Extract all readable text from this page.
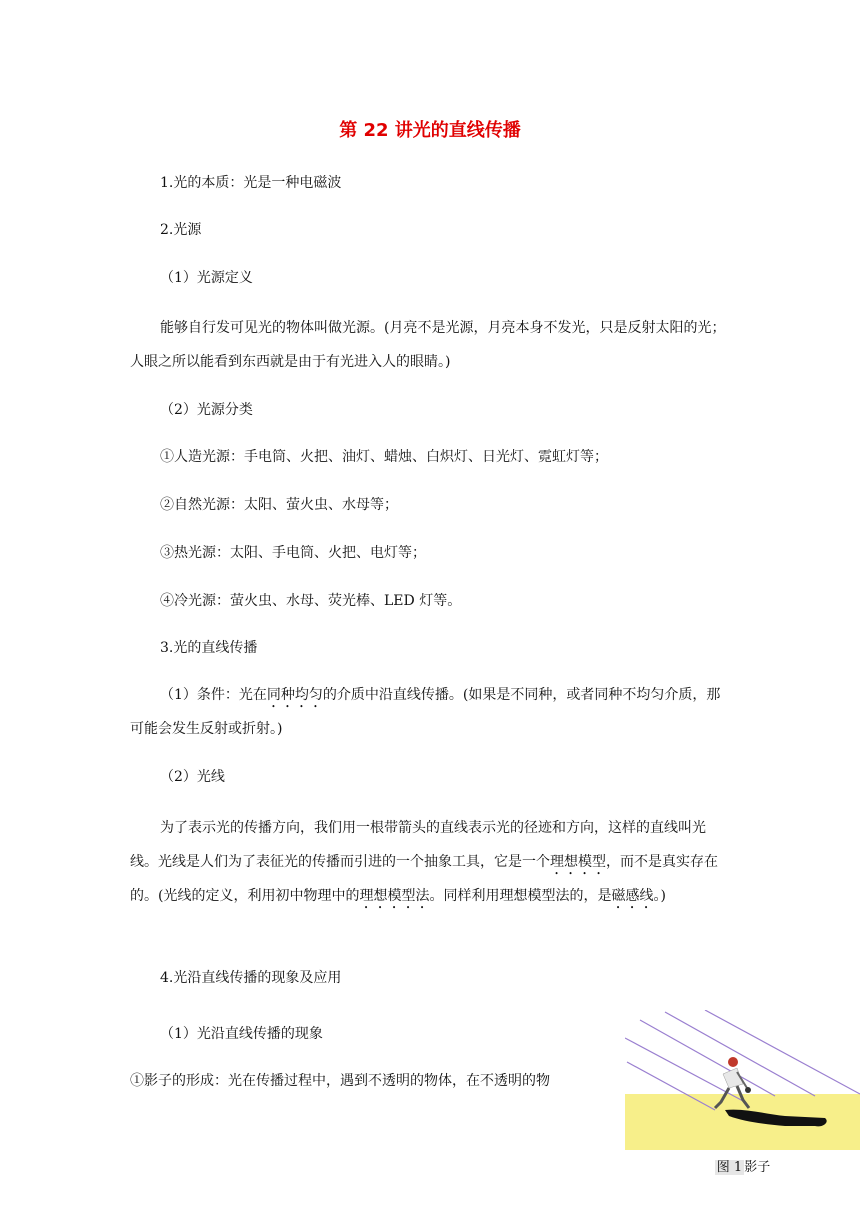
第 22 讲光的直线传播
1.光的本质：光是一种电磁波
2.光源
（1）光源定义
能够自行发可见光的物体叫做光源。(月亮不是光源，月亮本身不发光，只是反射太阳的光；人眼之所以能看到东西就是由于有光进入人的眼睛。)
（2）光源分类
①人造光源：手电筒、火把、油灯、蜡烛、白炽灯、日光灯、霓虹灯等；
②自然光源：太阳、萤火虫、水母等；
③热光源：太阳、手电筒、火把、电灯等；
④冷光源：萤火虫、水母、荧光棒、LED 灯等。
3.光的直线传播
（1）条件：光在同种均匀的介质中沿直线传播。(如果是不同种，或者同种不均匀介质，那可能会发生反射或折射。)
（2）光线
为了表示光的传播方向，我们用一根带箭头的直线表示光的径迹和方向，这样的直线叫光线。光线是人们为了表征光的传播而引进的一个抽象工具，它是一个理想模型，而不是真实存在的。(光线的定义，利用初中物理中的理想模型法。同样利用理想模型法的，是磁感线。)
4.光沿直线传播的现象及应用
（1）光沿直线传播的现象
①影子的形成：光在传播过程中，遇到不透明的物体，在不透明的物
图 1 影子
